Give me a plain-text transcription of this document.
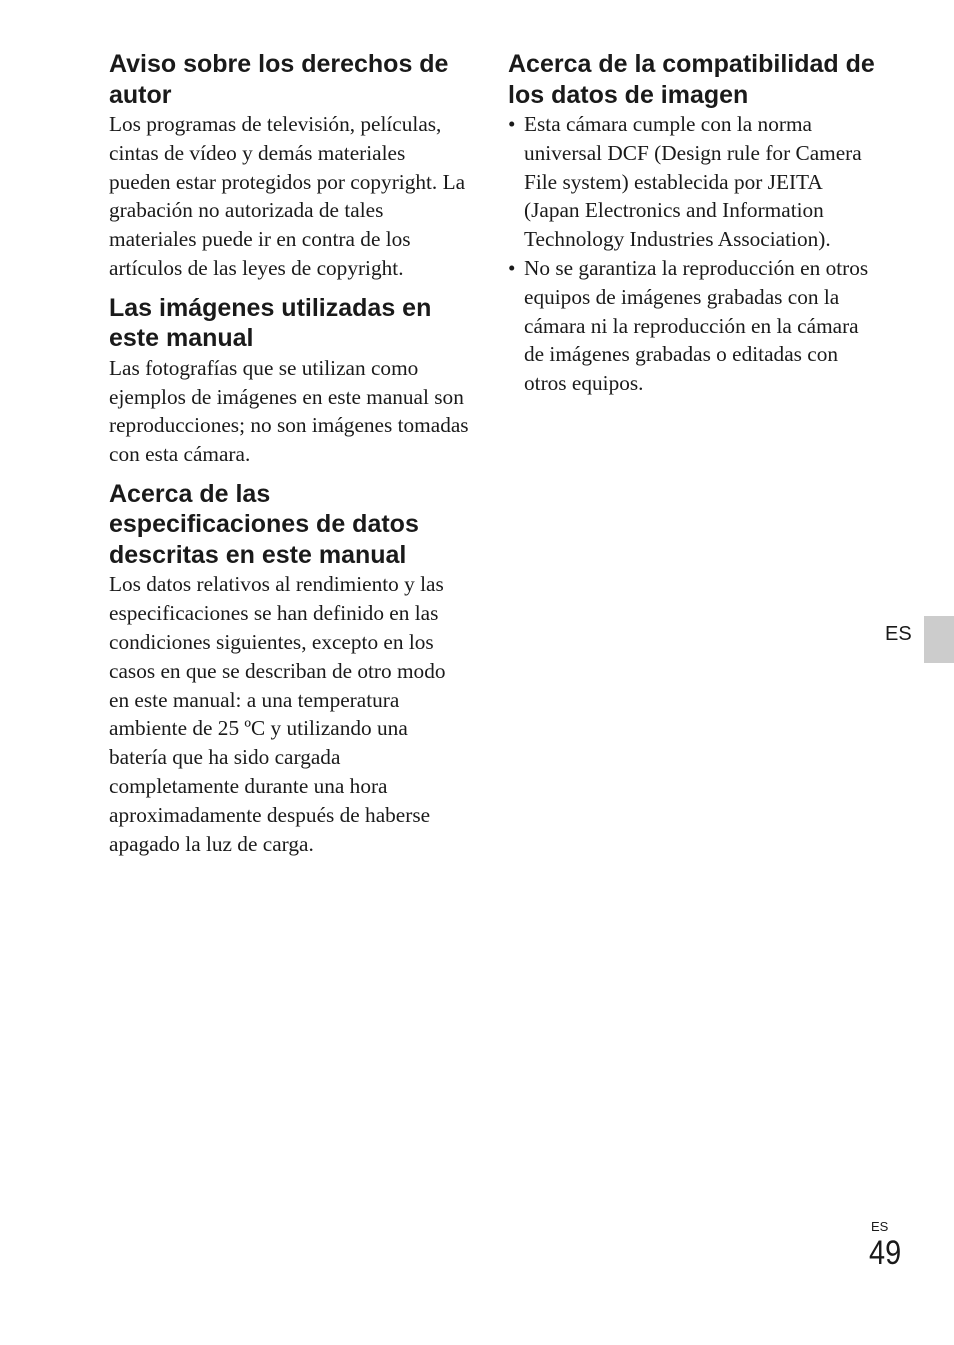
Aviso sobre los derechos de autor

Los programas de televisión, películas, cintas de vídeo y demás materiales pueden estar protegidos por copyright. La grabación no autorizada de tales materiales puede ir en contra de los artículos de las leyes de copyright.

Las imágenes utilizadas en este manual

Las fotografías que se utilizan como ejemplos de imágenes en este manual son reproducciones; no son imágenes tomadas con esta cámara.

Acerca de las especificaciones de datos descritas en este manual

Los datos relativos al rendimiento y las especificaciones se han definido en las condiciones siguientes, excepto en los casos en que se describan de otro modo en este manual: a una temperatura ambiente de 25 ºC y utilizando una batería que ha sido cargada completamente durante una hora aproximadamente después de haberse apagado la luz de carga.

Acerca de la compatibilidad de los datos de imagen
• Esta cámara cumple con la norma universal DCF (Design rule for Camera File system) establecida por JEITA (Japan Electronics and Information Technology Industries Association).
• No se garantiza la reproducción en otros equipos de imágenes grabadas con la cámara ni la reproducción en la cámara de imágenes grabadas o editadas con otros equipos.
ES
ES
49
